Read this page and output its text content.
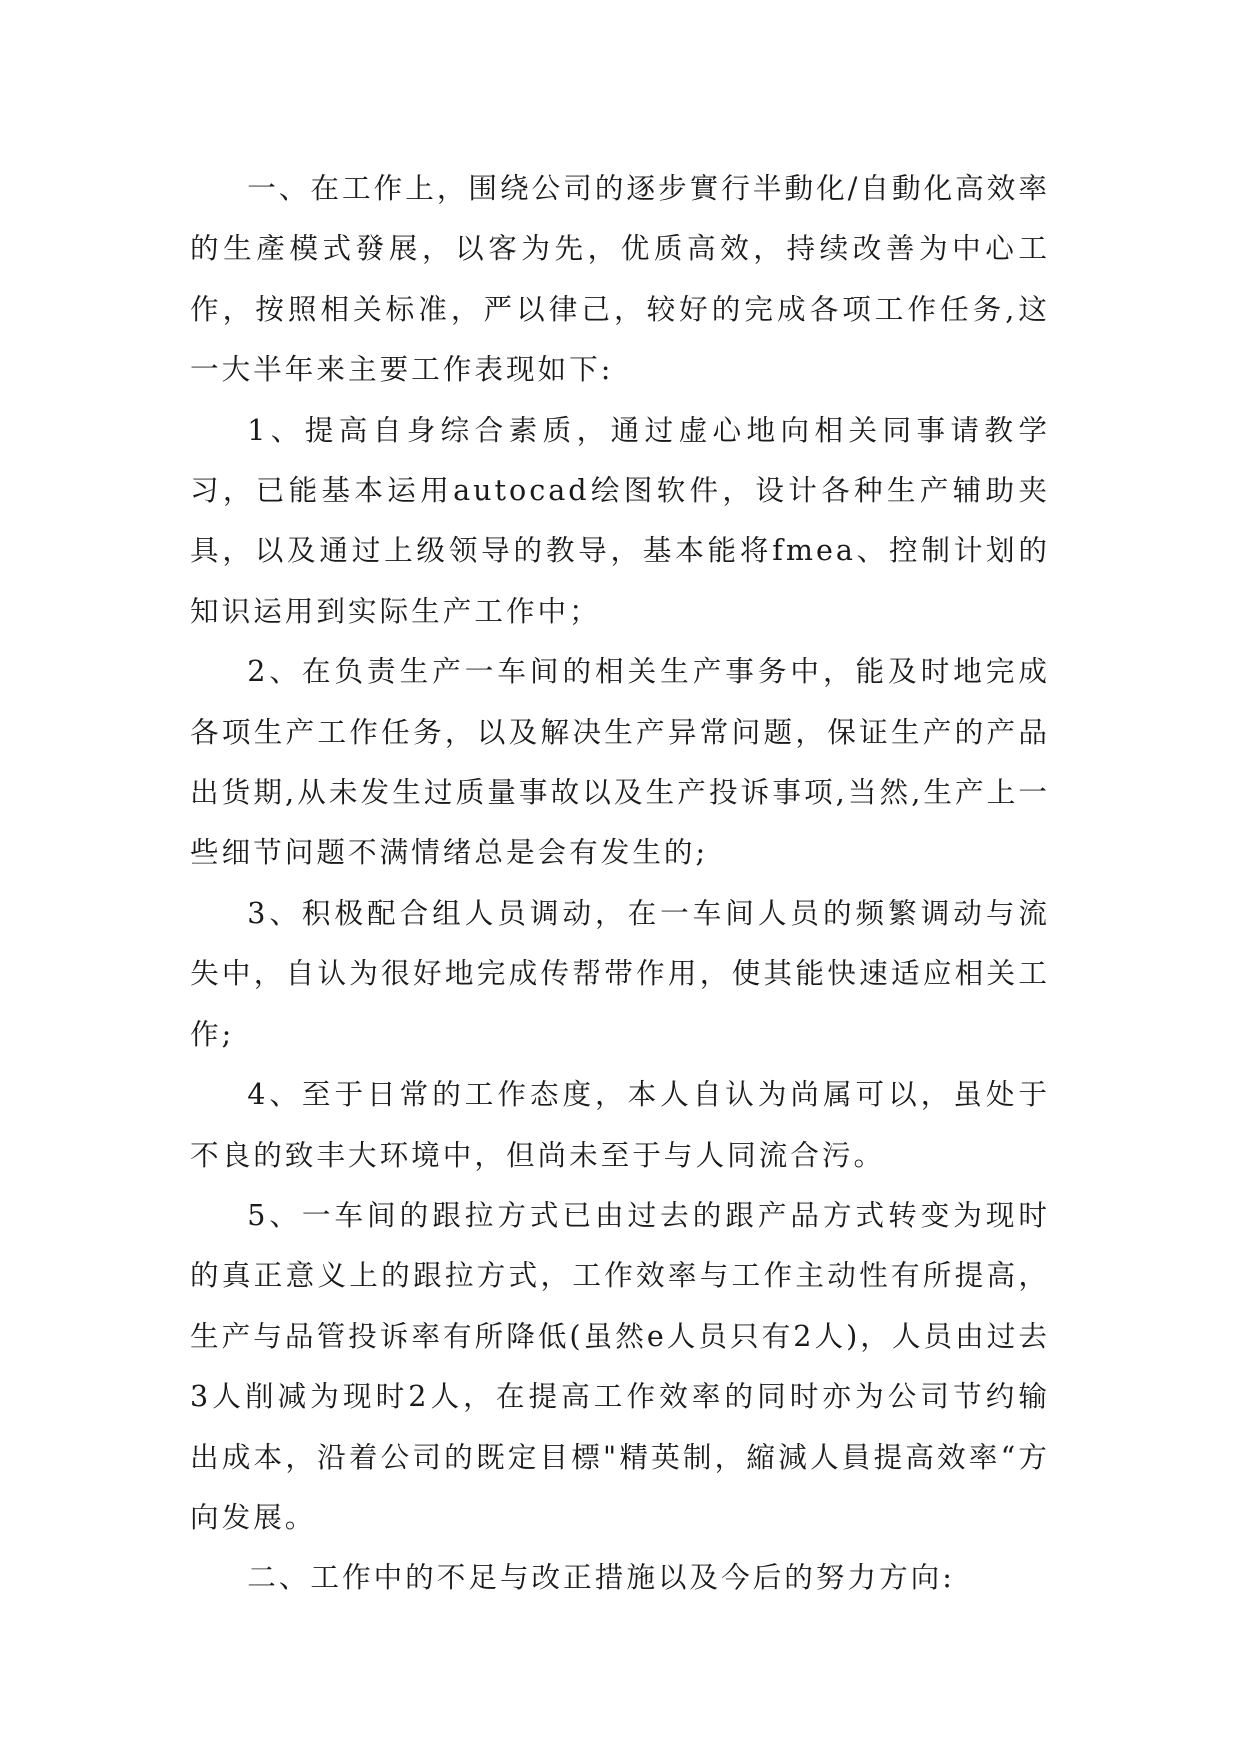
一、在工作上，围绕公司的逐步實行半動化/自動化高效率的生產模式發展，以客为先，优质高效，持续改善为中心工作，按照相关标准，严以律己，较好的完成各项工作任务,这一大半年来主要工作表现如下:

1、提高自身综合素质，通过虚心地向相关同事请教学习，已能基本运用autocad绘图软件，设计各种生产辅助夹具，以及通过上级领导的教导，基本能将fmea、控制计划的知识运用到实际生产工作中；

2、在负责生产一车间的相关生产事务中，能及时地完成各项生产工作任务，以及解决生产异常问题，保证生产的产品出货期,从未发生过质量事故以及生产投诉事项,当然,生产上一些细节问题不满情绪总是会有发生的;

3、积极配合组人员调动，在一车间人员的频繁调动与流失中，自认为很好地完成传帮带作用，使其能快速适应相关工作;

4、至于日常的工作态度，本人自认为尚属可以，虽处于不良的致丰大环境中，但尚未至于与人同流合污。

5、一车间的跟拉方式已由过去的跟产品方式转变为现时的真正意义上的跟拉方式，工作效率与工作主动性有所提高，生产与品管投诉率有所降低(虽然e人员只有2人)，人员由过去3人削减为现时2人，在提高工作效率的同时亦为公司节约输出成本，沿着公司的既定目標"精英制，縮減人員提高效率“方向发展。

二、工作中的不足与改正措施以及今后的努力方向:
